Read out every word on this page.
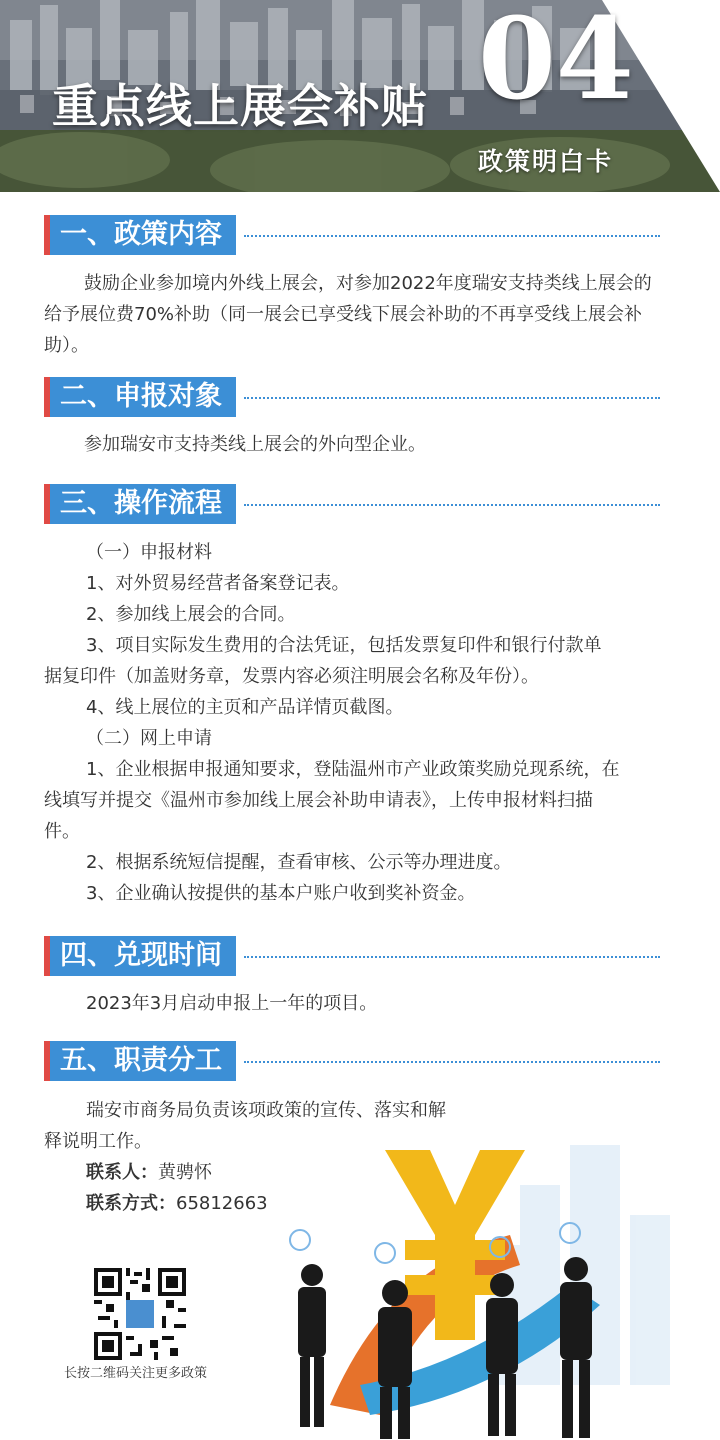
重点线上展会补贴 04
政策明白卡
一、政策内容
鼓励企业参加境内外线上展会，对参加2022年度瑞安支持类线上展会的给予展位费70%补助（同一展会已享受线下展会补助的不再享受线上展会补助）。
二、申报对象
参加瑞安市支持类线上展会的外向型企业。
三、操作流程
（一）申报材料
1、对外贸易经营者备案登记表。
2、参加线上展会的合同。
3、项目实际发生费用的合法凭证，包括发票复印件和银行付款单
据复印件（加盖财务章，发票内容必须注明展会名称及年份）。
4、线上展位的主页和产品详情页截图。
（二）网上申请
1、企业根据申报通知要求，登陆温州市产业政策奖励兑现系统，在
线填写并提交《温州市参加线上展会补助申请表》，上传申报材料扫描
件。
2、根据系统短信提醒，查看审核、公示等办理进度。
3、企业确认按提供的基本户账户收到奖补资金。
四、兑现时间
2023年3月启动申报上一年的项目。
五、职责分工
瑞安市商务局负责该项政策的宣传、落实和解
释说明工作。
联系人：黄骋怀
联系方式：65812663
长按二维码关注更多政策
